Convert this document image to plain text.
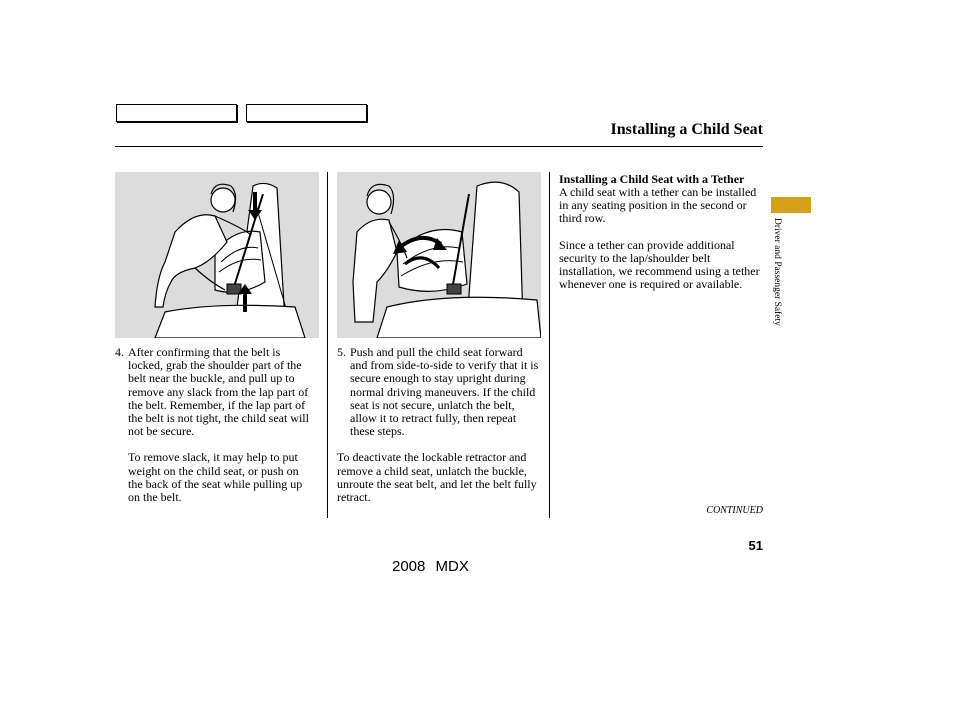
Installing a Child Seat
4. After confirming that the belt is locked, grab the shoulder part of the belt near the buckle, and pull up to remove any slack from the lap part of the belt. Remember, if the lap part of the belt is not tight, the child seat will not be secure.

To remove slack, it may help to put weight on the child seat, or push on the back of the seat while pulling up on the belt.

5. Push and pull the child seat forward and from side-to-side to verify that it is secure enough to stay upright during normal driving maneuvers. If the child seat is not secure, unlatch the belt, allow it to retract fully, then repeat these steps.

To deactivate the lockable retractor and remove a child seat, unlatch the buckle, unroute the seat belt, and let the belt fully retract.

Installing a Child Seat with a Tether

A child seat with a tether can be installed in any seating position in the second or third row.

Since a tether can provide additional security to the lap/shoulder belt installation, we recommend using a tether whenever one is required or available.	Driver and Passenger Safety
CONTINUED
51
2008 MDX
